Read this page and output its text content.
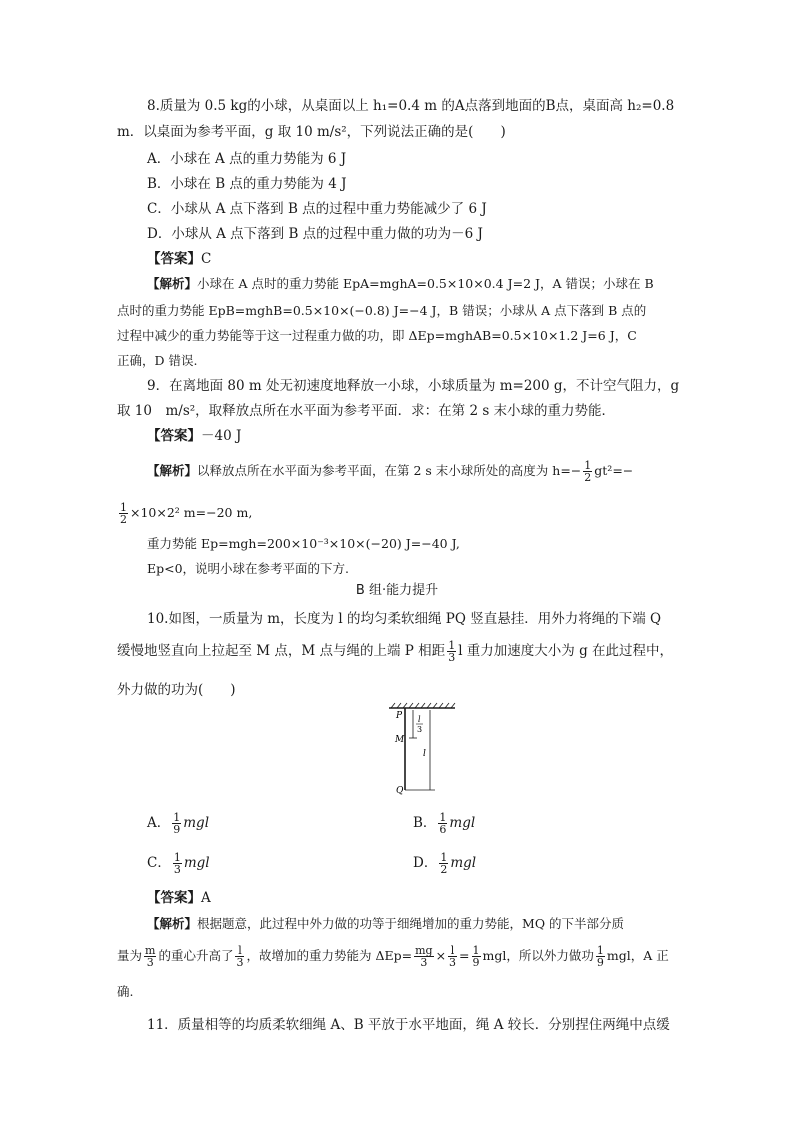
8.质量为 0.5 kg的小球，从桌面以上 h₁=0.4 m 的A点落到地面的B点，桌面高 h₂=0.8
m．以桌面为参考平面，g 取 10 m/s²，下列说法正确的是(　　)
A．小球在 A 点的重力势能为 6 J
B．小球在 B 点的重力势能为 4 J
C．小球从 A 点下落到 B 点的过程中重力势能减少了 6 J
D．小球从 A 点下落到 B 点的过程中重力做的功为－6 J
【答案】C
【解析】小球在 A 点时的重力势能 EpA=mghA=0.5×10×0.4 J=2 J，A 错误；小球在 B
点时的重力势能 EpB=mghB=0.5×10×(−0.8) J=−4 J，B 错误；小球从 A 点下落到 B 点的
过程中减少的重力势能等于这一过程重力做的功，即 ΔEp=mghAB=0.5×10×1.2 J=6 J，C
正确，D 错误.
9．在离地面 80 m 处无初速度地释放一小球，小球质量为 m=200 g，不计空气阻力，g
取 10　m/s²，取释放点所在水平面为参考平面．求：在第 2 s 末小球的重力势能．
【答案】－40 J
【解析】以释放点所在水平面为参考平面，在第 2 s 末小球所处的高度为 $h=- \frac{1}{2} gt^2=-$
$\frac{1}{2} \times 10\times 2^2$ m=−20 m,
重力势能 Ep=mgh=200×10⁻³×10×(−20) J=−40 J,
Ep<0，说明小球在参考平面的下方.
B 组·能力提升
10.如图，一质量为 m，长度为 l 的均匀柔软细绳 PQ 竖直悬挂．用外力将绳的下端 Q
缓慢地竖直向上拉起至 M 点，M 点与绳的上端 P 相距 $\frac{1}{3}$ l 重力加速度大小为 g 在此过程中，
外力做的功为(　　)
P
M
Q
l
3
l
A． $\frac{1}{9}$ mgl	B． $\frac{1}{6}$ mgl
C． $\frac{1}{3}$ mgl	D． $\frac{1}{2}$ mgl
【答案】A
【解析】根据题意，此过程中外力做的功等于细绳增加的重力势能，MQ 的下半部分质
量为 $\frac{m}{3}$ 的重心升高了 $\frac{l}{3}$ ，故增加的重力势能为 $\Delta Ep= \frac{mg}{3} \times \frac{l}{3} = \frac{1}{9}$ mgl，所以外力做功 $\frac{1}{9}$ mgl，A 正
确.
11．质量相等的均质柔软细绳 A、B 平放于水平地面，绳 A 较长．分别捏住两绳中点缓
